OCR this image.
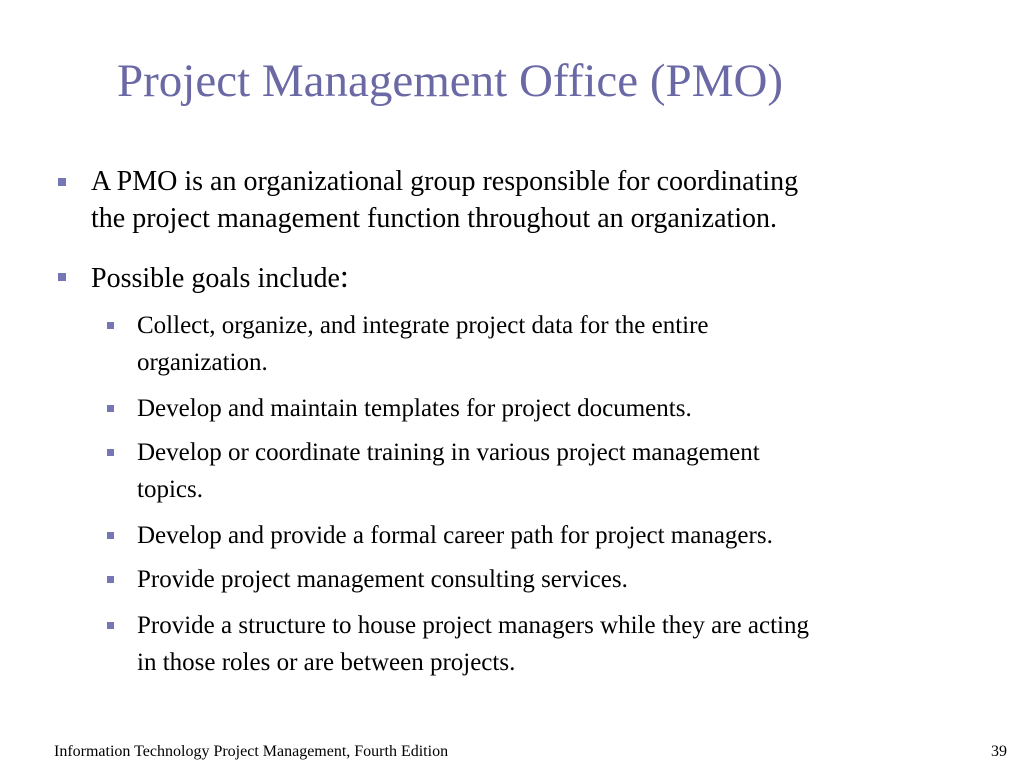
Project Management Office (PMO)

A PMO is an organizational group responsible for coordinating
the project management function throughout an organization.

Possible goals include:

Collect, organize, and integrate project data for the entire
organization.

Develop and maintain templates for project documents.

Develop or coordinate training in various project management
topics.

Develop and provide a formal career path for project managers.

Provide project management consulting services.

Provide a structure to house project managers while they are acting
in those roles or are between projects.

Information Technology Project Management, Fourth Edition	39
